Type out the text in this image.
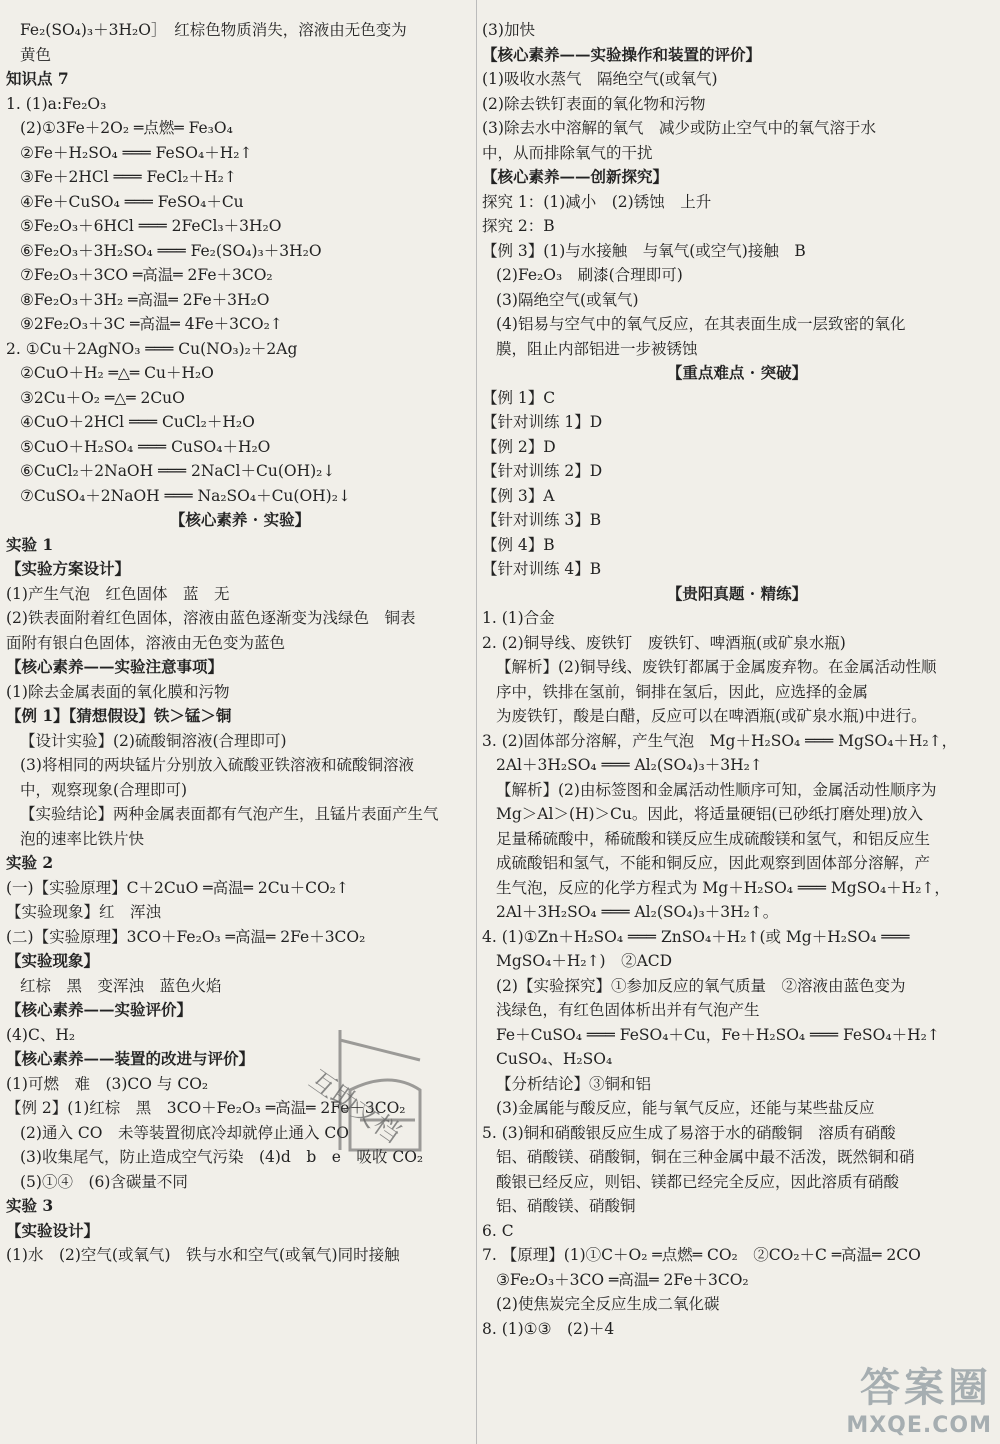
Fe₂(SO₄)₃＋3H₂O］　红棕色物质消失，溶液由无色变为
黄色
知识点 7
1. (1)a:Fe₂O₃
(2)①3Fe＋2O₂ ═点燃═ Fe₃O₄
②Fe＋H₂SO₄ ═══ FeSO₄＋H₂↑
③Fe＋2HCl ═══ FeCl₂＋H₂↑
④Fe＋CuSO₄ ═══ FeSO₄＋Cu
⑤Fe₂O₃＋6HCl ═══ 2FeCl₃＋3H₂O
⑥Fe₂O₃＋3H₂SO₄ ═══ Fe₂(SO₄)₃＋3H₂O
⑦Fe₂O₃＋3CO ═高温═ 2Fe＋3CO₂
⑧Fe₂O₃＋3H₂ ═高温═ 2Fe＋3H₂O
⑨2Fe₂O₃＋3C ═高温═ 4Fe＋3CO₂↑
2. ①Cu＋2AgNO₃ ═══ Cu(NO₃)₂＋2Ag
②CuO＋H₂ ═△═ Cu＋H₂O
③2Cu＋O₂ ═△═ 2CuO
④CuO＋2HCl ═══ CuCl₂＋H₂O
⑤CuO＋H₂SO₄ ═══ CuSO₄＋H₂O
⑥CuCl₂＋2NaOH ═══ 2NaCl＋Cu(OH)₂↓
⑦CuSO₄＋2NaOH ═══ Na₂SO₄＋Cu(OH)₂↓
【核心素养 · 实验】
实验 1
【实验方案设计】
(1)产生气泡　红色固体　蓝　无
(2)铁表面附着红色固体，溶液由蓝色逐渐变为浅绿色　铜表
面附有银白色固体，溶液由无色变为蓝色
【核心素养——实验注意事项】
(1)除去金属表面的氧化膜和污物
【例 1】【猜想假设】铁＞锰＞铜
【设计实验】(2)硫酸铜溶液(合理即可)
(3)将相同的两块锰片分别放入硫酸亚铁溶液和硫酸铜溶液
中，观察现象(合理即可)
【实验结论】两种金属表面都有气泡产生，且锰片表面产生气
泡的速率比铁片快
实验 2
(一)【实验原理】C＋2CuO ═高温═ 2Cu＋CO₂↑
【实验现象】红　浑浊
(二)【实验原理】3CO＋Fe₂O₃ ═高温═ 2Fe＋3CO₂
【实验现象】
红棕　黑　变浑浊　蓝色火焰
【核心素养——实验评价】
(4)C、H₂
【核心素养——装置的改进与评价】
(1)可燃　难　(3)CO 与 CO₂
【例 2】(1)红棕　黑　3CO＋Fe₂O₃ ═高温═ 2Fe＋3CO₂
(2)通入 CO　未等装置彻底冷却就停止通入 CO
(3)收集尾气，防止造成空气污染　(4)d　b　e　吸收 CO₂
(5)①④　(6)含碳量不同
实验 3
【实验设计】
(1)水　(2)空气(或氧气)　铁与水和空气(或氧气)同时接触
(3)加快
【核心素养——实验操作和装置的评价】
(1)吸收水蒸气　隔绝空气(或氧气)
(2)除去铁钉表面的氧化物和污物
(3)除去水中溶解的氧气　减少或防止空气中的氧气溶于水
中，从而排除氧气的干扰
【核心素养——创新探究】
探究 1：(1)减小　(2)锈蚀　上升
探究 2：B
【例 3】(1)与水接触　与氧气(或空气)接触　B
(2)Fe₂O₃　刷漆(合理即可)
(3)隔绝空气(或氧气)
(4)铝易与空气中的氧气反应，在其表面生成一层致密的氧化
膜，阻止内部铝进一步被锈蚀
【重点难点 · 突破】
【例 1】C
【针对训练 1】D
【例 2】D
【针对训练 2】D
【例 3】A
【针对训练 3】B
【例 4】B
【针对训练 4】B
【贵阳真题 · 精练】
1. (1)合金
2. (2)铜导线、废铁钉　废铁钉、啤酒瓶(或矿泉水瓶)
【解析】(2)铜导线、废铁钉都属于金属废弃物。在金属活动性顺
序中，铁排在氢前，铜排在氢后，因此，应选择的金属
为废铁钉，酸是白醋，反应可以在啤酒瓶(或矿泉水瓶)中进行。
3. (2)固体部分溶解，产生气泡　Mg＋H₂SO₄ ═══ MgSO₄＋H₂↑，
2Al＋3H₂SO₄ ═══ Al₂(SO₄)₃＋3H₂↑
【解析】(2)由标签图和金属活动性顺序可知，金属活动性顺序为
Mg＞Al＞(H)＞Cu。因此，将适量硬铝(已砂纸打磨处理)放入
足量稀硫酸中，稀硫酸和镁反应生成硫酸镁和氢气，和铝反应生
成硫酸铝和氢气，不能和铜反应，因此观察到固体部分溶解，产
生气泡，反应的化学方程式为 Mg＋H₂SO₄ ═══ MgSO₄＋H₂↑，
2Al＋3H₂SO₄ ═══ Al₂(SO₄)₃＋3H₂↑。
4. (1)①Zn＋H₂SO₄ ═══ ZnSO₄＋H₂↑(或 Mg＋H₂SO₄ ═══
MgSO₄＋H₂↑)　②ACD
(2)【实验探究】①参加反应的氧气质量　②溶液由蓝色变为
浅绿色，有红色固体析出并有气泡产生
Fe＋CuSO₄ ═══ FeSO₄＋Cu，Fe＋H₂SO₄ ═══ FeSO₄＋H₂↑
CuSO₄、H₂SO₄
【分析结论】③铜和铝
(3)金属能与酸反应，能与氧气反应，还能与某些盐反应
5. (3)铜和硝酸银反应生成了易溶于水的硝酸铜　溶质有硝酸
铝、硝酸镁、硝酸铜，铜在三种金属中最不活泼，既然铜和硝
酸银已经反应，则铝、镁都已经完全反应，因此溶质有硝酸
铝、硝酸镁、硝酸铜
6. C
7. 【原理】(1)①C＋O₂ ═点燃═ CO₂　②CO₂＋C ═高温═ 2CO
③Fe₂O₃＋3CO ═高温═ 2Fe＋3CO₂
(2)使焦炭完全反应生成二氧化碳
8. (1)①③　(2)＋4
互助文档
答案圈
MXQE.COM
